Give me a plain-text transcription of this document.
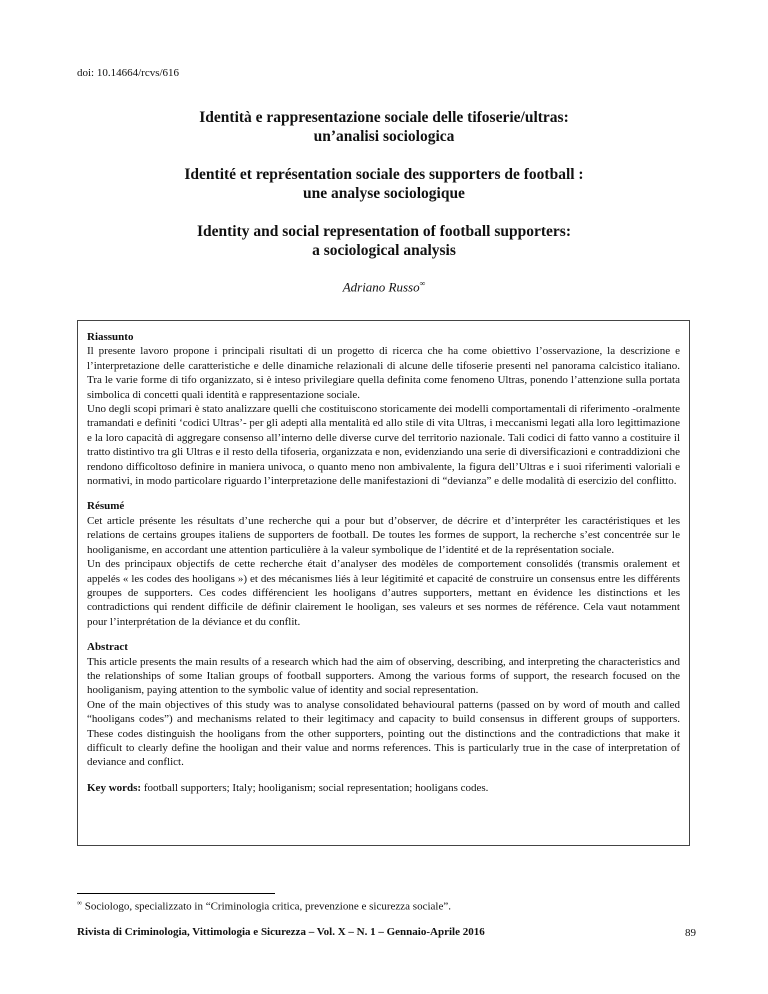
doi: 10.14664/rcvs/616
Identità e rappresentazione sociale delle tifoserie/ultras:
un’analisi sociologica
Identité et représentation sociale des supporters de football :
une analyse sociologique
Identity and social representation of football supporters:
a sociological analysis
Adriano Russo∞
Riassunto

Il presente lavoro propone i principali risultati di un progetto di ricerca che ha come obiettivo l’osservazione, la descrizione e l’interpretazione delle caratteristiche e delle dinamiche relazionali di alcune delle tifoserie presenti nel panorama calcistico italiano. Tra le varie forme di tifo organizzato, si è inteso privilegiare quella definita come fenomeno Ultras, ponendo l’attenzione sulla portata simbolica di concetti quali identità e rappresentazione sociale.

Uno degli scopi primari è stato analizzare quelli che costituiscono storicamente dei modelli comportamentali di riferimento -oralmente tramandati e definiti ‘codici Ultras’- per gli adepti alla mentalità ed allo stile di vita Ultras, i meccanismi legati alla loro legittimazione e la loro capacità di aggregare consenso all’interno delle diverse curve del territorio nazionale. Tali codici di fatto vanno a costituire il tratto distintivo tra gli Ultras e il resto della tifoseria, organizzata e non, evidenziando una serie di diversificazioni e contraddizioni che rendono difficoltoso definire in maniera univoca, o quanto meno non ambivalente, la figura dell’Ultras e i suoi riferimenti valoriali e normativi, in modo particolare riguardo l’interpretazione delle manifestazioni di “devianza” e delle modalità di esercizio del conflitto.

Résumé

Cet article présente les résultats d’une recherche qui a pour but d’observer, de décrire et d’interpréter les caractéristiques et les relations de certains groupes italiens de supporters de football. De toutes les formes de support, la recherche s’est concentrée sur le hooliganisme, en accordant une attention particulière à la valeur symbolique de l’identité et de la représentation sociale.

Un des principaux objectifs de cette recherche était d’analyser des modèles de comportement consolidés (transmis oralement et appelés « les codes des hooligans ») et des mécanismes liés à leur légitimité et capacité de construire un consensus entre les différents groupes de supporters. Ces codes différencient les hooligans d’autres supporters, mettant en évidence les distinctions et les contradictions qui rendent difficile de définir clairement le hooligan, ses valeurs et ses normes de référence. Cela vaut notamment pour l’interprétation de la déviance et du conflit.

Abstract

This article presents the main results of a research which had the aim of observing, describing, and interpreting the characteristics and the relationships of some Italian groups of football supporters. Among the various forms of support, the research focused on the hooliganism, paying attention to the symbolic value of identity and social representation.

One of the main objectives of this study was to analyse consolidated behavioural patterns (passed on by word of mouth and called “hooligans codes”) and mechanisms related to their legitimacy and capacity to build consensus in different groups of supporters. These codes distinguish the hooligans from the other supporters, pointing out the distinctions and the contradictions that make it difficult to clearly define the hooligan and their value and norms references. This is particularly true in the case of interpretation of deviance and conflict.

Key words: football supporters; Italy; hooliganism; social representation; hooligans codes.
∞ Sociologo, specializzato in “Criminologia critica, prevenzione e sicurezza sociale”.
Rivista di Criminologia, Vittimologia e Sicurezza – Vol. X – N. 1 – Gennaio-Aprile 2016	89
